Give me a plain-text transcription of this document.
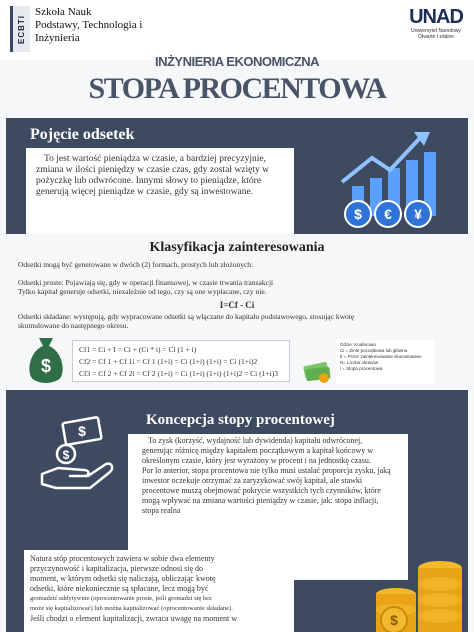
ECBTI
Szkoła Nauk
Podstawy, Technologia i
Inżynieria
UNAD
Uniwersytet Narodowy
Otwarte i zdalne
INŻYNIERIA EKONOMICZNA
STOPA PROCENTOWA
Pojęcie odsetek

To jest wartość pieniądza w czasie, a bardziej precyzyjnie, zmiana w ilości pieniędzy w czasie czas, gdy został wzięty w pożyczkę lub odwrócone. Innymi słowy to pieniądze, które generują więcej pieniądze w czasie, gdy są inwestowane.

$ € ¥
Klasyfikacja zainteresowania
Odsetki mogą być generowane w dwóch (2) formach, prostych lub złożonych:
Odsetki proste: Pojawiają się, gdy w operacji finansowej, w czasie trwania transakcji
Tylko kapitał generuje odsetki, niezależnie od tego, czy są one wypłacane, czy nie.
I=Cf - Ci
Odsetki składane: występują, gdy wypracowane odsetki są włączane do kapitału podstawowego, stosując kwotę
skumulowane do następnego okresu.
$
Cf1 = Ci + I = Ci + (Ci * i) = Ci (1 + i)
Cf2 = Cf 1 + Cf 1i = Cf 1 (1+i) = Ci (1+i) (1+i) = Ci (1+i)2
Cf3 = Cf 2 + Cf 2i = Cf 2 (1+i) = Ci (1+i) (1+i) (1+i)2 = Ci (1+i)3
Gdzie: Kuaferowa
Ci = Zinte początkowa lub główna
If = Przez zainteresowanie skumulowane
N= Liczba okresów
i = Stopa procentowa
$
$
Koncepcja stopy procentowej

To zysk (korzyść, wydajność lub dywidenda) kapitału odwróconej, generując różnicę między kapitałem początkowym a kapitał końcowy w określonym czasie, który jest wyrażony w procent i na jednostkę czasu.

Por lo anterior, stopa procentowa nie tylko musi ustalać proporcja zysku, jaką inwestor oczekuje otrzymać za zaryzykować swój kapitał, ale stawki procentowe muszą obejmować pokrycie wszystkich tych czynników, które mogą wpływać na zmiana wartości pieniądzy w czasie, jak: stopa inflacji, stopa realna

Natura stóp procentowych zawiera w sobie dwa elementy
przyczynowość i kapitalizacja, pierwsze odnosi się do
moment, w którym odsetki się naliczają, obliczając kwotę
odsetki, które niekoniecznie są spłacane, lecz mogą być
gromadzić addytywnie (oprocentowanie proste, jeśli gromadzi się bez
może się kapitalizować) lub można kapitalizować (oprocentowanie składane).
Jeśli chodzi o element kapitalizacji, zwraca uwagę na moment w	$
